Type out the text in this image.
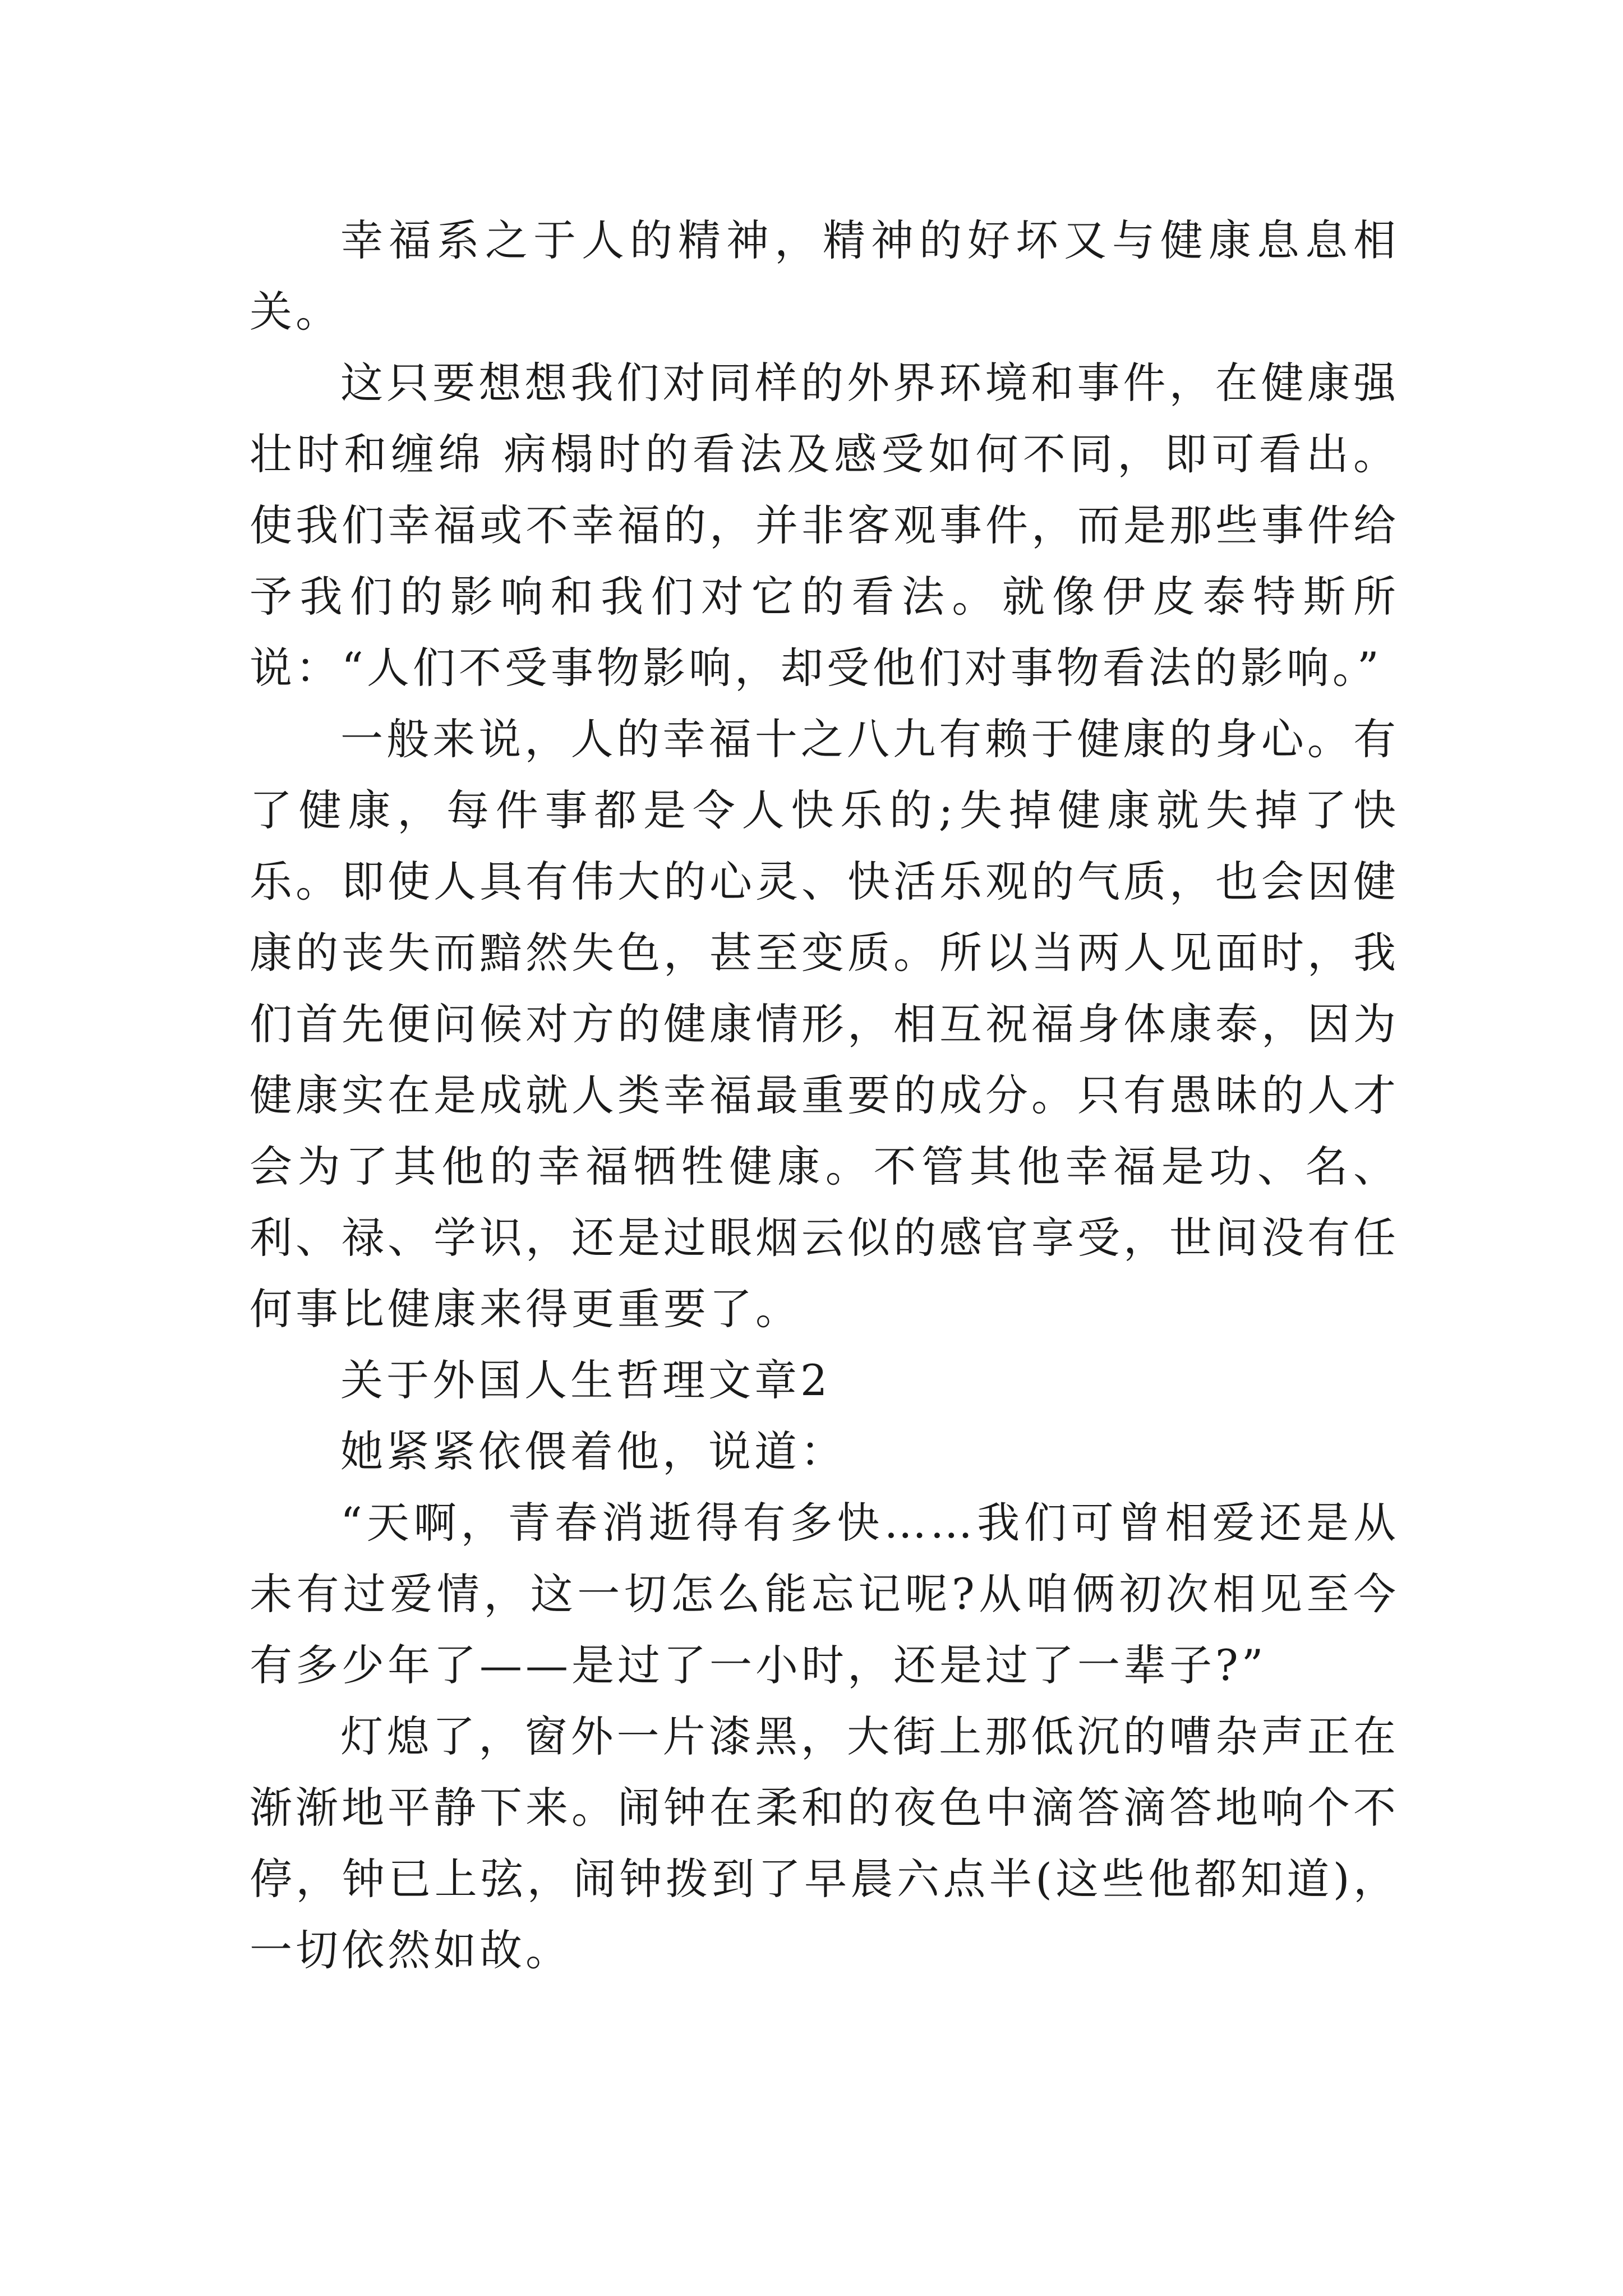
幸福系之于人的精神，精神的好坏又与健康息息相关。

这只要想想我们对同样的外界环境和事件，在健康强壮时和缠绵 病榻时的看法及感受如何不同，即可看出。使我们幸福或不幸福的，并非客观事件，而是那些事件给予我们的影响和我们对它的看法。就像伊皮泰特斯所说：“人们不受事物影响，却受他们对事物看法的影响。”

一般来说，人的幸福十之八九有赖于健康的身心。有了健康，每件事都是令人快乐的;失掉健康就失掉了快乐。即使人具有伟大的心灵、快活乐观的气质，也会因健康的丧失而黯然失色，甚至变质。所以当两人见面时，我们首先便问候对方的健康情形，相互祝福身体康泰，因为健康实在是成就人类幸福最重要的成分。只有愚昧的人才会为了其他的幸福牺牲健康。不管其他幸福是功、名、利、禄、学识，还是过眼烟云似的感官享受，世间没有任何事比健康来得更重要了。

关于外国人生哲理文章2

她紧紧依偎着他，说道：

“天啊，青春消逝得有多快……我们可曾相爱还是从未有过爱情，这一切怎么能忘记呢?从咱俩初次相见至今有多少年了——是过了一小时，还是过了一辈子?”

灯熄了，窗外一片漆黑，大街上那低沉的嘈杂声正在渐渐地平静下来。闹钟在柔和的夜色中滴答滴答地响个不停，钟已上弦，闹钟拨到了早晨六点半(这些他都知道)，一切依然如故。
